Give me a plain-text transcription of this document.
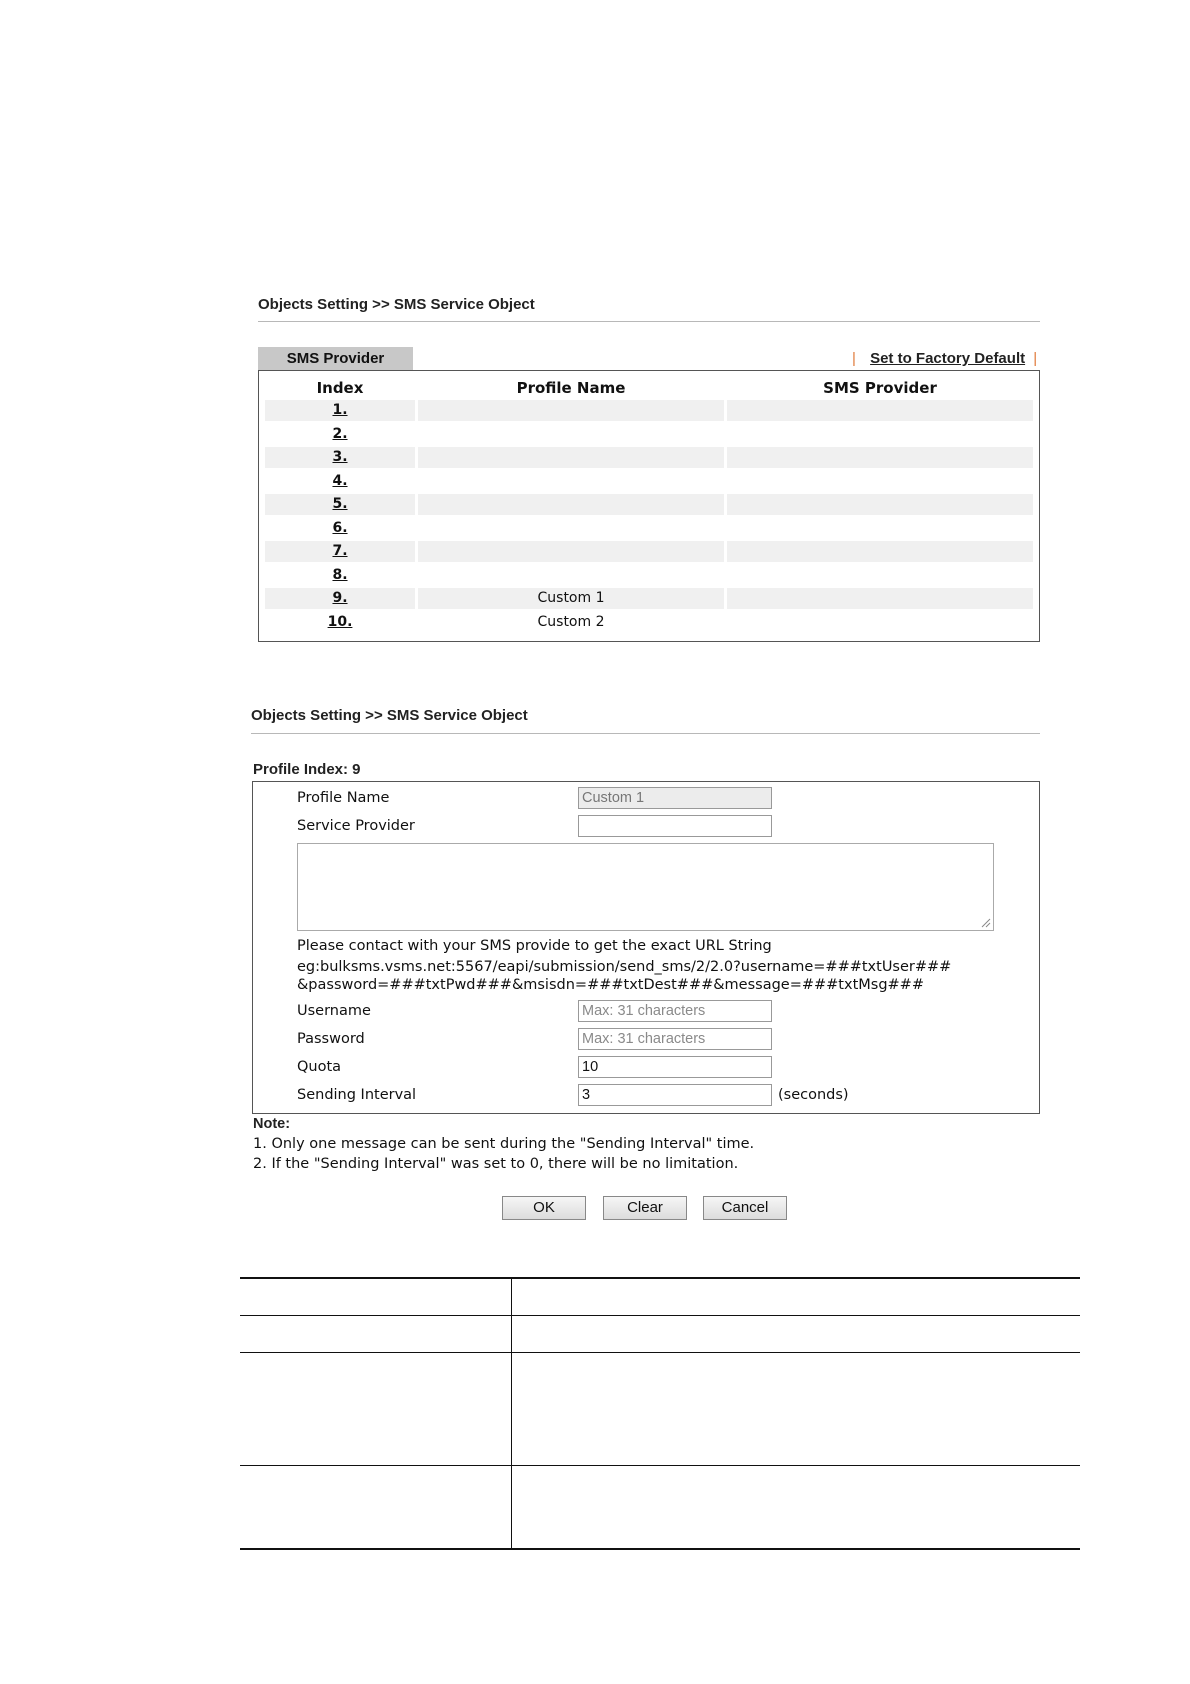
Objects Setting >> SMS Service Object
SMS Provider	| Set to Factory Default |
Index	Profile Name	SMS Provider
1.
2.
3.
4.
5.
6.
7.
8.
9.	Custom 1
10.	Custom 2
Objects Setting >> SMS Service Object
Profile Index: 9
Profile Name	Custom 1
Service Provider
Please contact with your SMS provide to get the exact URL String
eg:bulksms.vsms.net:5567/eapi/submission/send_sms/2/2.0?username=###txtUser###
&password=###txtPwd###&msisdn=###txtDest###&message=###txtMsg###
Username	Max: 31 characters
Password	Max: 31 characters
Quota	10
Sending Interval	3	(seconds)
Note:
1. Only one message can be sent during the "Sending Interval" time.
2. If the "Sending Interval" was set to 0, there will be no limitation.
OK	Clear	Cancel
